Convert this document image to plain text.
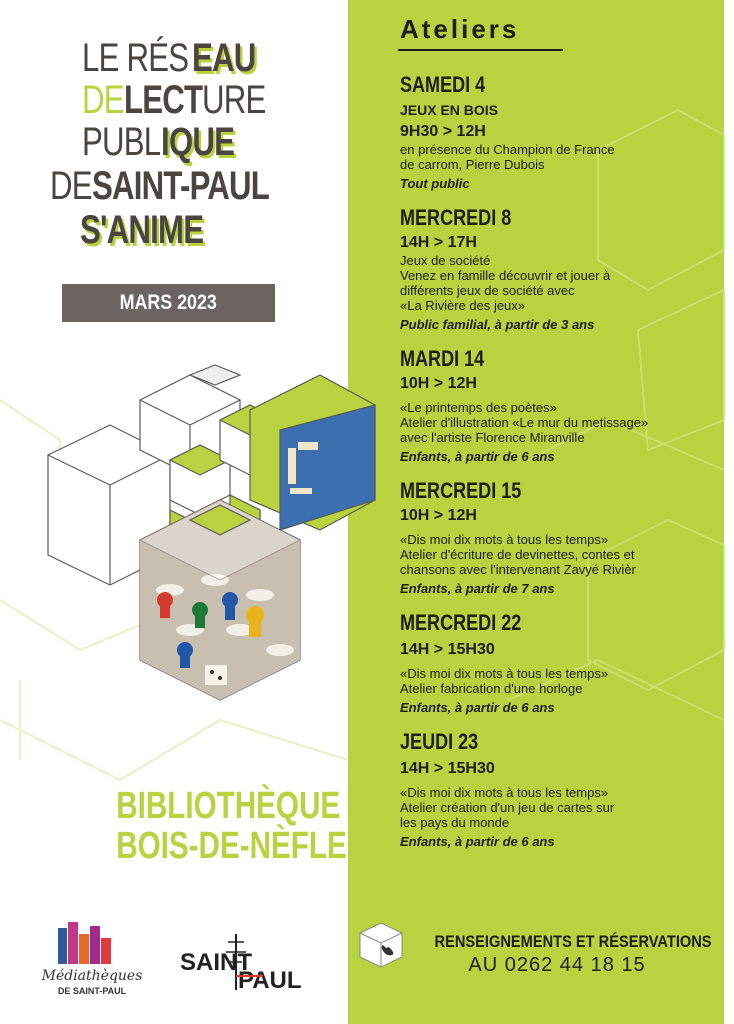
LE RÉSEAU
DELECTURE
PUBLIQUE
DESAINT-PAUL
S'ANIME
MARS 2023
BIBLIOTHÈQUE DE
BOIS-DE-NÈFLES
Médiathèques
DE SAINT-PAUL
SAINT
PAUL
Ateliers
SAMEDI 4
JEUX EN BOIS
9H30 > 12H
en présence du Champion de France
de carrom, Pierre Dubois
Tout public
MERCREDI 8
14H > 17H
Jeux de société
Venez en famille découvrir et jouer à
différents jeux de société avec
«La Rivière des jeux»
Public familial, à partir de 3 ans
MARDI 14
10H > 12H
«Le printemps des poètes»
Atelier d'illustration «Le mur du metissage»
avec l'artiste Florence Miranville
Enfants, à partir de 6 ans
MERCREDI 15
10H > 12H
«Dis moi dix mots à tous les temps»
Atelier d'écriture de devinettes, contes et
chansons avec l'intervenant Zavyé Rivièr
Enfants, à partir de 7 ans
MERCREDI 22
14H > 15H30
«Dis moi dix mots à tous les temps»
Atelier fabrication d'une horloge
Enfants, à partir de 6 ans
JEUDI 23
14H > 15H30
«Dis moi dix mots à tous les temps»
Atelier création d'un jeu de cartes sur
les pays du monde
Enfants, à partir de 6 ans
RENSEIGNEMENTS ET RÉSERVATIONS
AU 0262 44 18 15
